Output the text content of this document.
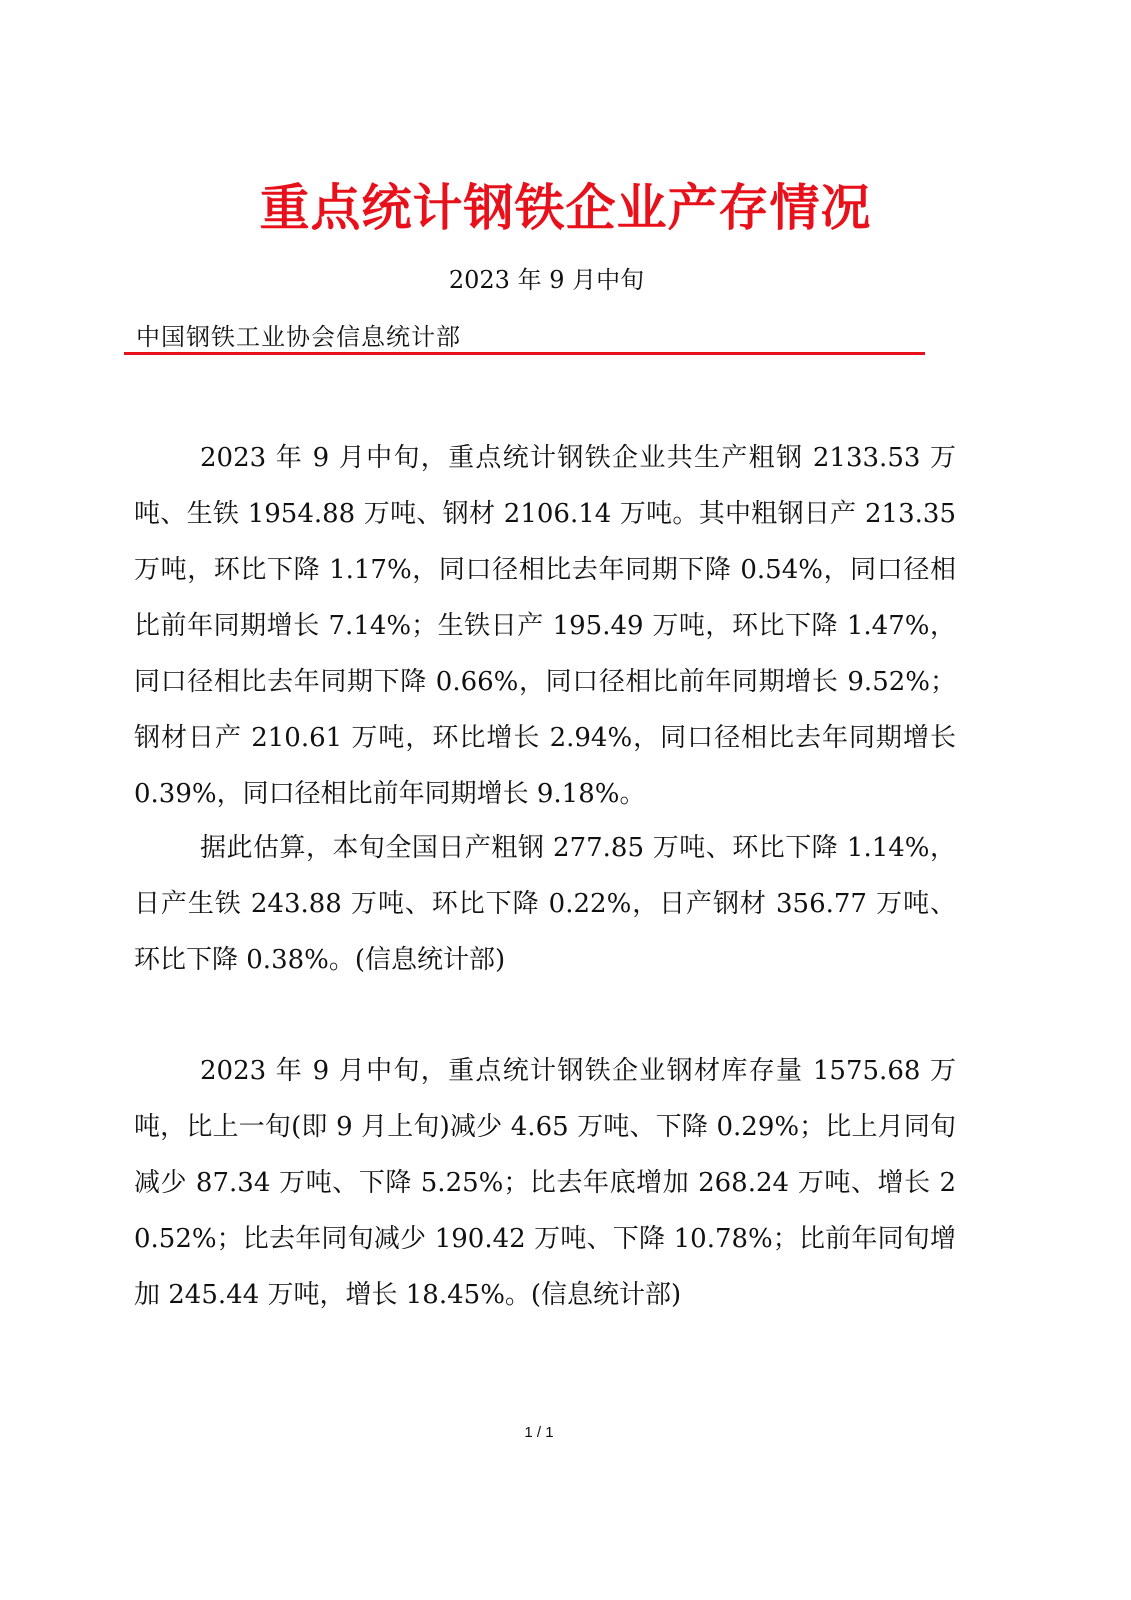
重点统计钢铁企业产存情况
2023 年 9 月中旬
中国钢铁工业协会信息统计部

2023 年 9 月中旬，重点统计钢铁企业共生产粗钢 2133.53 万吨、生铁 1954.88 万吨、钢材 2106.14 万吨。其中粗钢日产 213.35 万吨，环比下降 1.17%，同口径相比去年同期下降 0.54%，同口径相比前年同期增长 7.14%；生铁日产 195.49 万吨，环比下降 1.47%，同口径相比去年同期下降 0.66%，同口径相比前年同期增长 9.52%；钢材日产 210.61 万吨，环比增长 2.94%，同口径相比去年同期增长 0.39%，同口径相比前年同期增长 9.18%。

据此估算，本旬全国日产粗钢 277.85 万吨、环比下降 1.14%，日产生铁 243.88 万吨、环比下降 0.22%，日产钢材 356.77 万吨、环比下降 0.38%。(信息统计部)

2023 年 9 月中旬，重点统计钢铁企业钢材库存量 1575.68 万吨，比上一旬(即 9 月上旬)减少 4.65 万吨、下降 0.29%；比上月同旬减少 87.34 万吨、下降 5.25%；比去年底增加 268.24 万吨、增长 20.52%；比去年同旬减少 190.42 万吨、下降 10.78%；比前年同旬增加 245.44 万吨，增长 18.45%。(信息统计部)

1 / 1
